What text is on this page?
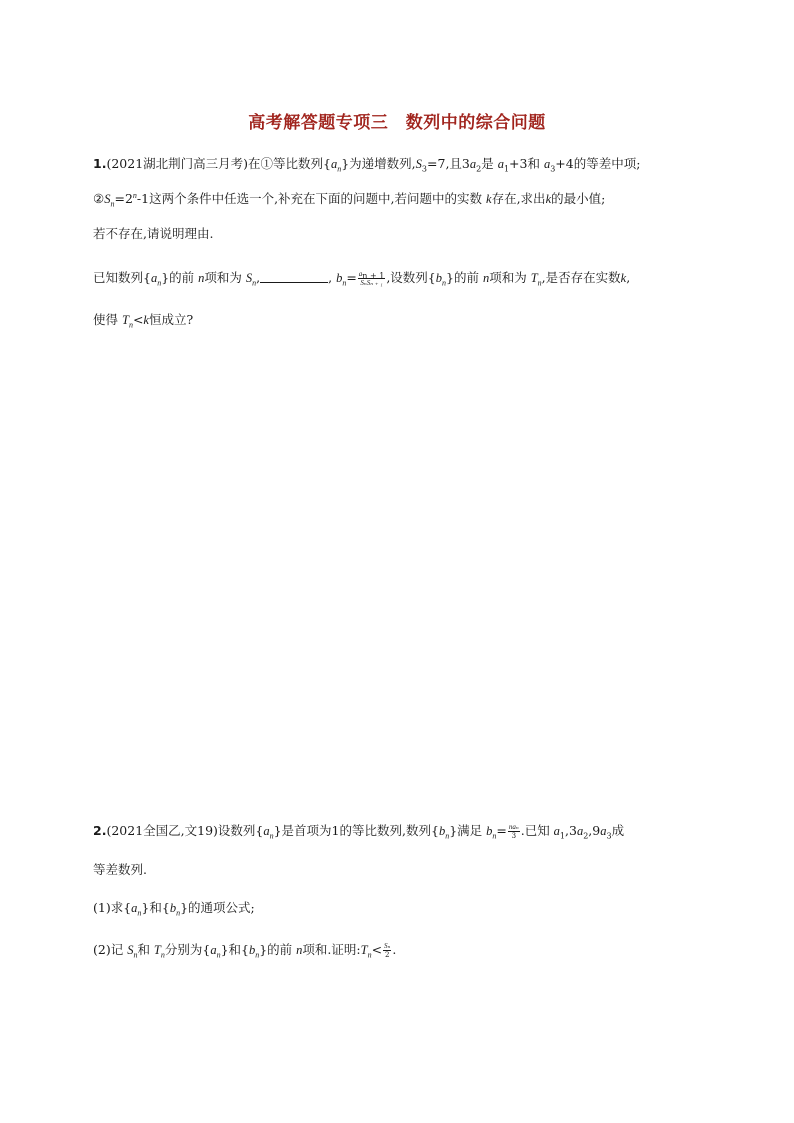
高考解答题专项三　数列中的综合问题
1.(2021湖北荆门高三月考)在①等比数列$\{a_n\}$为递增数列$,S_3=7$,且$3a_2$是 $a_1+3$和 $a_3+4$的等差中项;
$②S_n=2^n-1$这两个条件中任选一个,补充在下面的问题中,若问题中的实数 k存在,求出k的最小值;
若不存在,请说明理由.
已知数列$\{a_n\}$的前 n项和为 $S_n$,	, $b_n= \frac{a_{n + 1}}{\text{SₙSₙ ₊ ₁}}$ ,设数列$\{b_n\}$的前 n项和为 $T_n$,是否存在实数k,
使得 $T_n<k$恒成立?
2.(2021全国乙,文19)设数列$\{a_n\}$是首项为1的等比数列,数列$\{b_n\}$满足 $b_n= \frac{\text{naₙ}}{3}$ .已知 $a_1,3a_2,9a_3$成
等差数列.
(1)求$\{a_n\}$和$\{b_n\}$的通项公式;
(2)记 $S_n$和 $T_n$分别为$\{a_n\}$和$\{b_n\}$的前 n项和.证明$:T_n< \frac{\text{Sₙ}}{2}$ .
